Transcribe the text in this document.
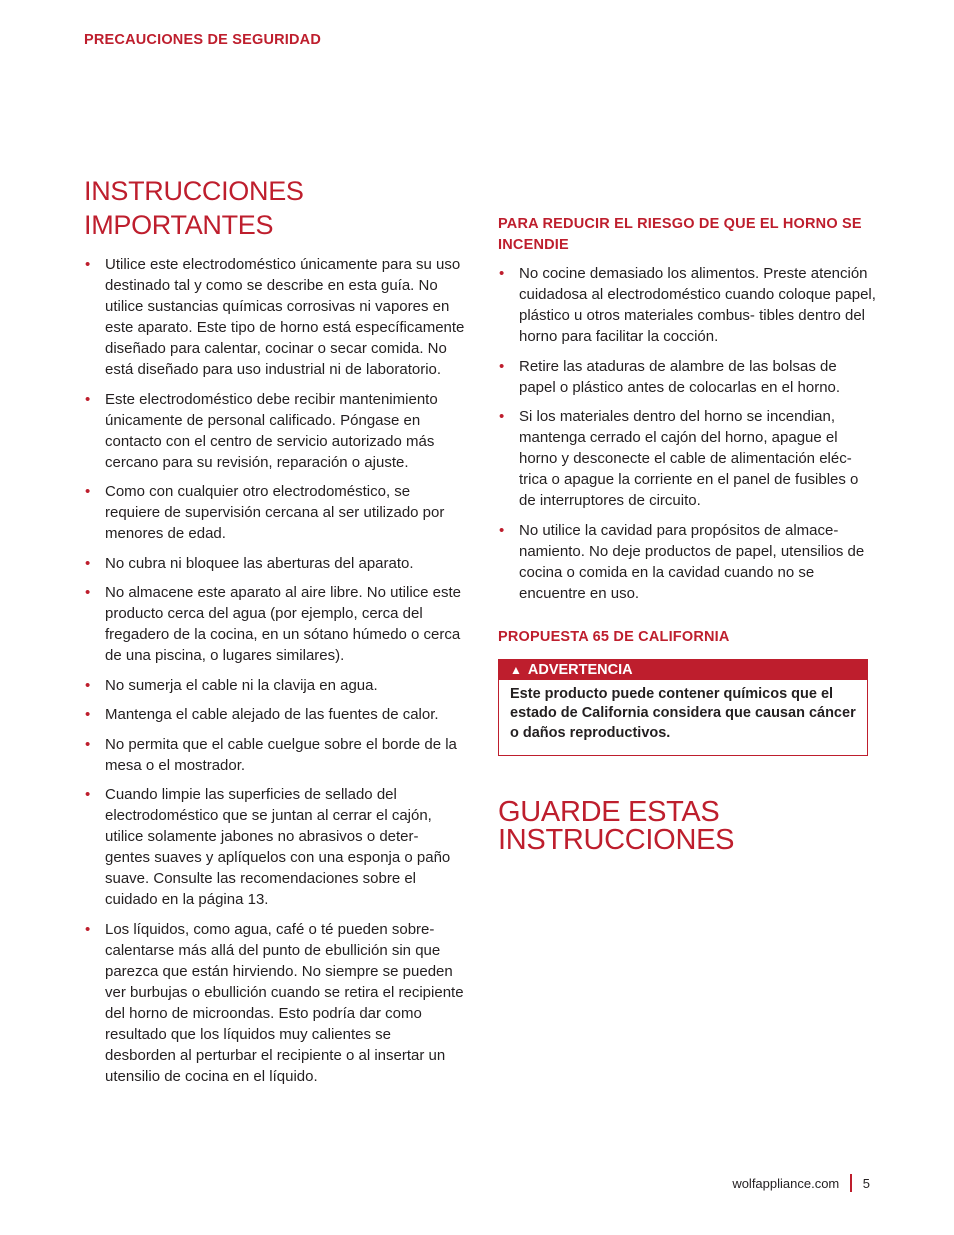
PRECAUCIONES DE SEGURIDAD
INSTRUCCIONES IMPORTANTES
• Utilice este electrodoméstico únicamente para su uso destinado tal y como se describe en esta guía. No utilice sustancias químicas corrosivas ni vapores en este aparato. Este tipo de horno está específicamente diseñado para calentar, cocinar o secar comida. No está diseñado para uso industrial ni de laboratorio.
• Este electrodoméstico debe recibir mantenimiento únicamente de personal calificado. Póngase en contacto con el centro de servicio autorizado más cercano para su revisión, reparación o ajuste.
• Como con cualquier otro electrodoméstico, se requiere de supervisión cercana al ser utilizado por menores de edad.
• No cubra ni bloquee las aberturas del aparato.
• No almacene este aparato al aire libre. No utilice este producto cerca del agua (por ejemplo, cerca del fregadero de la cocina, en un sótano húmedo o cerca de una piscina, o lugares similares).
• No sumerja el cable ni la clavija en agua.
• Mantenga el cable alejado de las fuentes de calor.
• No permita que el cable cuelgue sobre el borde de la mesa o el mostrador.
• Cuando limpie las superficies de sellado del electrodoméstico que se juntan al cerrar el cajón, utilice solamente jabones no abrasivos o deter- gentes suaves y aplíquelos con una esponja o paño suave. Consulte las recomendaciones sobre el cuidado en la página 13.
• Los líquidos, como agua, café o té pueden sobre- calentarse más allá del punto de ebullición sin que parezca que están hirviendo. No siempre se pueden ver burbujas o ebullición cuando se retira el recipiente del horno de microondas. Esto podría dar como resultado que los líquidos muy calientes se desborden al perturbar el recipiente o al insertar un utensilio de cocina en el líquido.
PARA REDUCIR EL RIESGO DE QUE EL HORNO SE INCENDIE
• No cocine demasiado los alimentos. Preste atención cuidadosa al electrodoméstico cuando coloque papel, plástico u otros materiales combus- tibles dentro del horno para facilitar la cocción.
• Retire las ataduras de alambre de las bolsas de papel o plástico antes de colocarlas en el horno.
• Si los materiales dentro del horno se incendian, mantenga cerrado el cajón del horno, apague el horno y desconecte el cable de alimentación eléc- trica o apague la corriente en el panel de fusibles o de interruptores de circuito.
• No utilice la cavidad para propósitos de almace- namiento. No deje productos de papel, utensilios de cocina o comida en la cavidad cuando no se encuentre en uso.
PROPUESTA 65 DE CALIFORNIA
▲ ADVERTENCIA
Este producto puede contener químicos que el estado de California considera que causan cáncer o daños reproductivos.
GUARDE ESTAS
INSTRUCCIONES
wolfappliance.com 5
